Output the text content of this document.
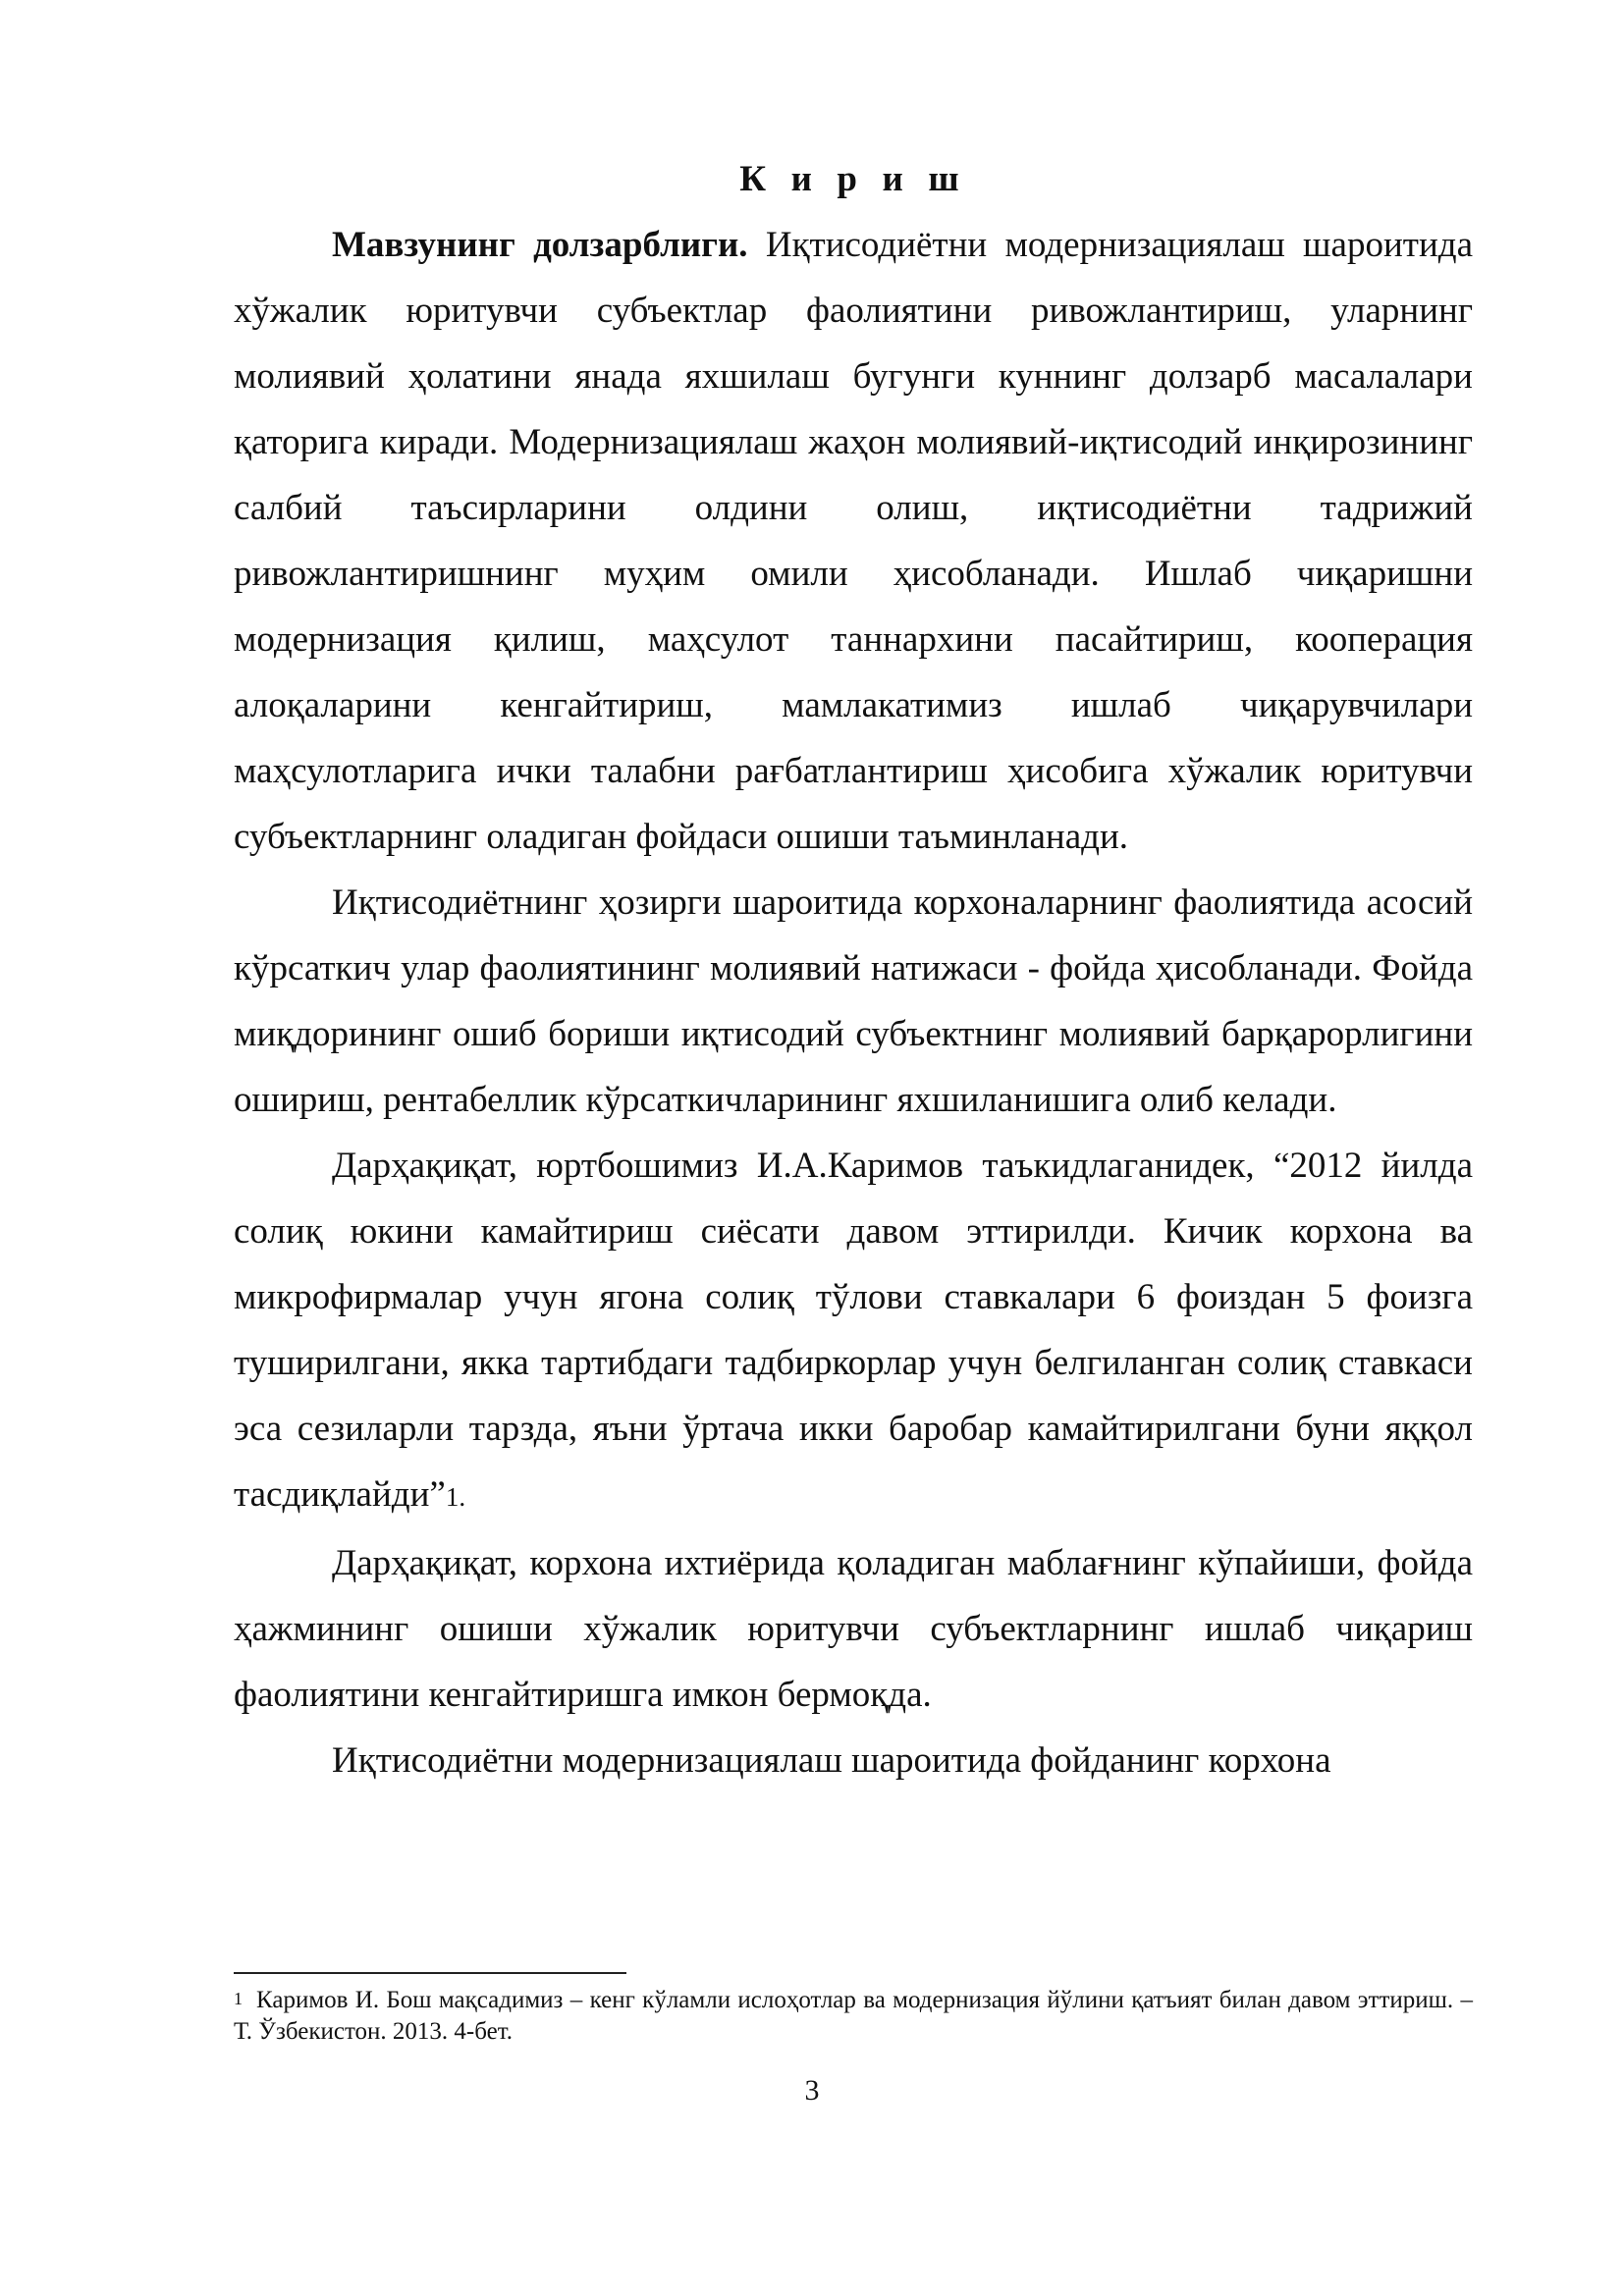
К и р и ш

Мавзунинг долзарблиги. Иқтисодиётни модернизациялаш шароитида хўжалик юритувчи субъектлар фаолиятини ривожлантириш, уларнинг молиявий ҳолатини янада яхшилаш бугунги куннинг долзарб масалалари қаторига киради. Модернизациялаш жаҳон молиявий-иқтисодий инқирозининг салбий таъсирларини олдини олиш, иқтисодиётни тадрижий ривожлантиришнинг муҳим омили ҳисобланади. Ишлаб чиқаришни модернизация қилиш, маҳсулот таннархини пасайтириш, кооперация алоқаларини кенгайтириш, мамлакатимиз ишлаб чиқарувчилари маҳсулотларига ички талабни рағбатлантириш ҳисобига хўжалик юритувчи субъектларнинг оладиган фойдаси ошиши таъминланади.

Иқтисодиётнинг ҳозирги шароитида корхоналарнинг фаолиятида асосий кўрсаткич улар фаолиятининг молиявий натижаси - фойда ҳисобланади. Фойда миқдорининг ошиб бориши иқтисодий субъектнинг молиявий барқарорлигини ошириш, рентабеллик кўрсаткичларининг яхшиланишига олиб келади.

Дарҳақиқат, юртбошимиз И.А.Каримов таъкидлаганидек, “2012 йилда солиқ юкини камайтириш сиёсати давом эттирилди. Кичик корхона ва микрофирмалар учун ягона солиқ тўлови ставкалари 6 фоиздан 5 фоизга туширилгани, якка тартибдаги тадбиркорлар учун белгиланган солиқ ставкаси эса сезиларли тарзда, яъни ўртача икки баробар камайтирилгани буни яққол тасдиқлайди”1.

Дарҳақиқат, корхона ихтиёрида қоладиган маблағнинг кўпайиши, фойда ҳажмининг ошиши хўжалик юритувчи субъектларнинг ишлаб чиқариш фаолиятини кенгайтиришга имкон бермоқда.

Иқтисодиётни модернизациялаш шароитида фойданинг корхона

$^1$ Каримов И. Бош мақсадимиз – кенг кўламли ислоҳотлар ва модернизация йўлини қатъият билан давом эттириш. –Т. Ўзбекистон. 2013. 4-бет.

3
